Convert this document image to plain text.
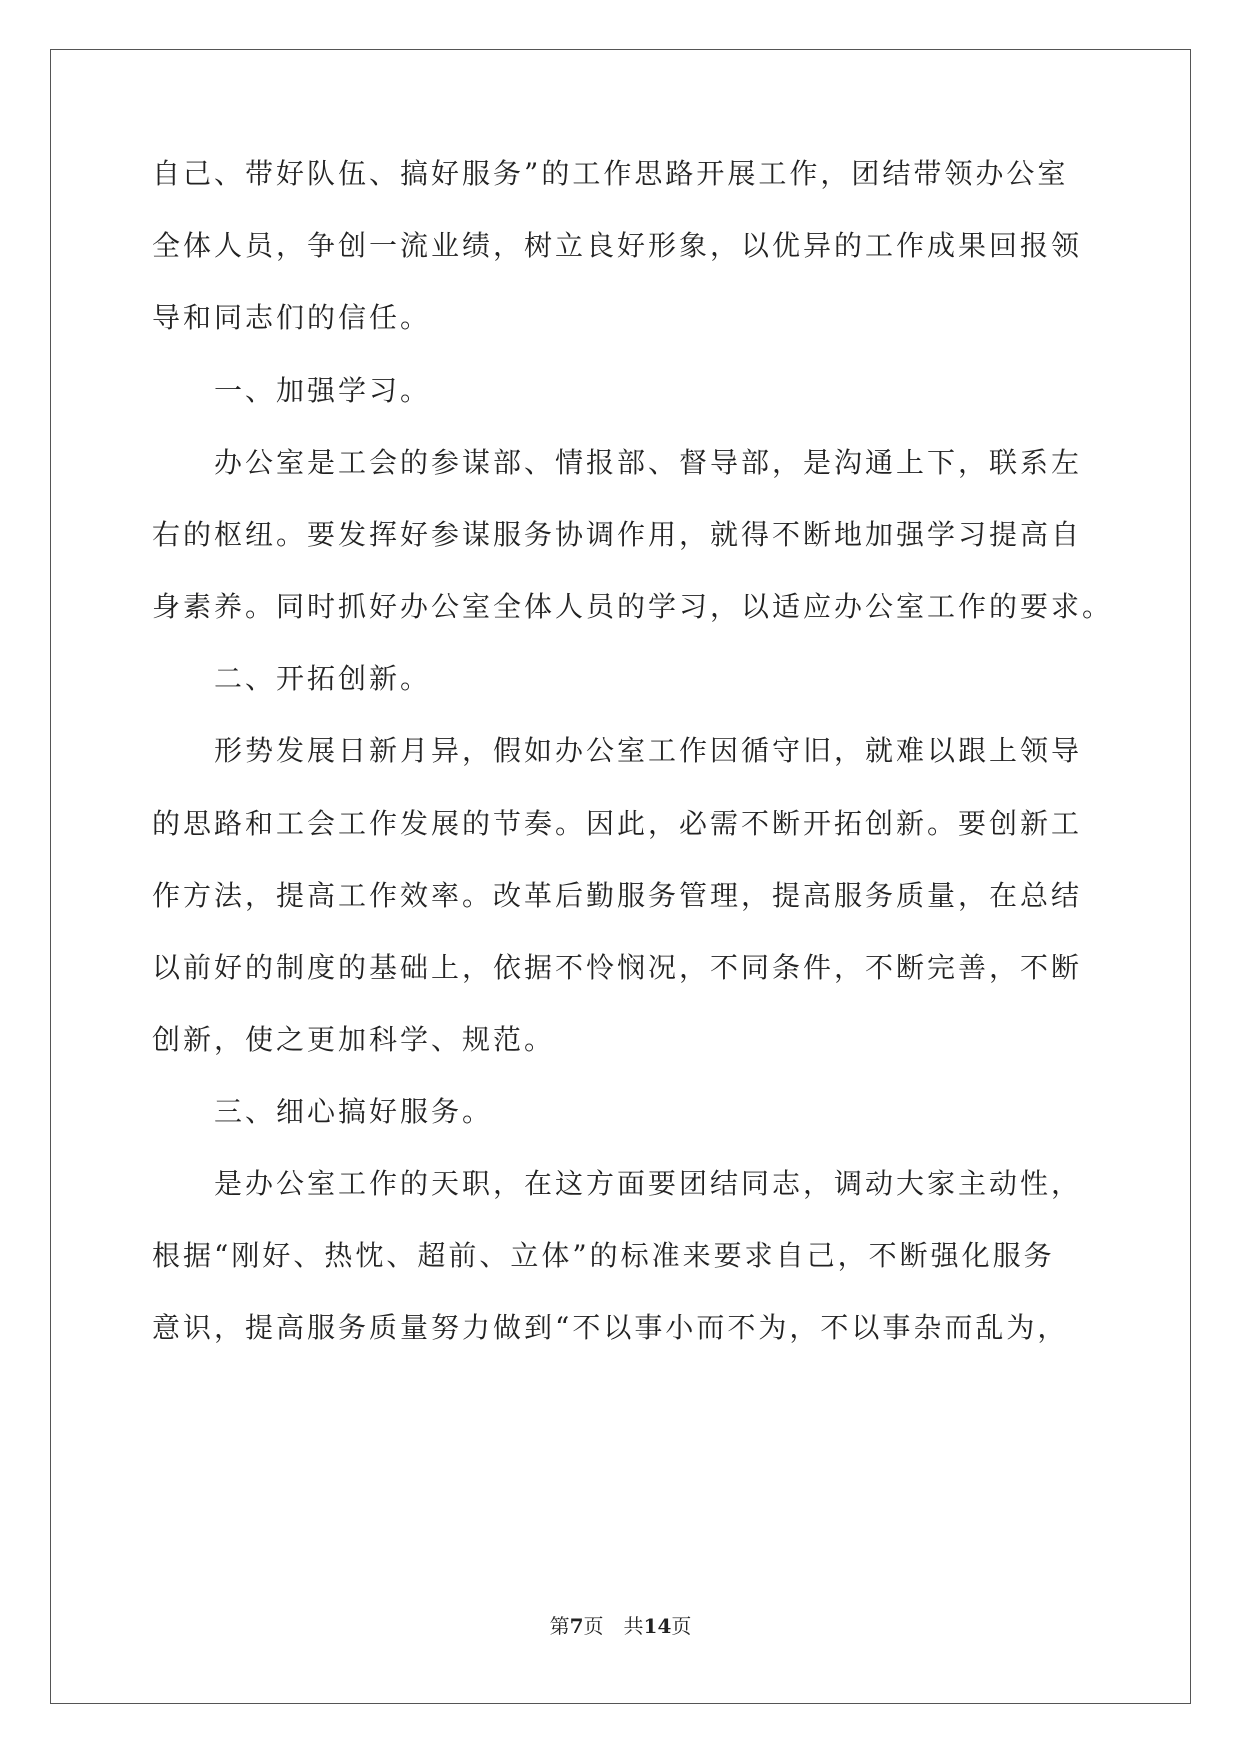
自己、带好队伍、搞好服务”的工作思路开展工作，团结带领办公室
全体人员，争创一流业绩，树立良好形象，以优异的工作成果回报领
导和同志们的信任。
一、加强学习。
办公室是工会的参谋部、情报部、督导部，是沟通上下，联系左
右的枢纽。要发挥好参谋服务协调作用，就得不断地加强学习提高自
身素养。同时抓好办公室全体人员的学习，以适应办公室工作的要求。
二、开拓创新。
形势发展日新月异，假如办公室工作因循守旧，就难以跟上领导
的思路和工会工作发展的节奏。因此，必需不断开拓创新。要创新工
作方法，提高工作效率。改革后勤服务管理，提高服务质量，在总结
以前好的制度的基础上，依据不怜悯况，不同条件，不断完善，不断
创新，使之更加科学、规范。
三、细心搞好服务。
是办公室工作的天职，在这方面要团结同志，调动大家主动性，
根据“刚好、热忱、超前、立体”的标准来要求自己，不断强化服务
意识，提高服务质量努力做到“不以事小而不为，不以事杂而乱为，
第7页　共14页
